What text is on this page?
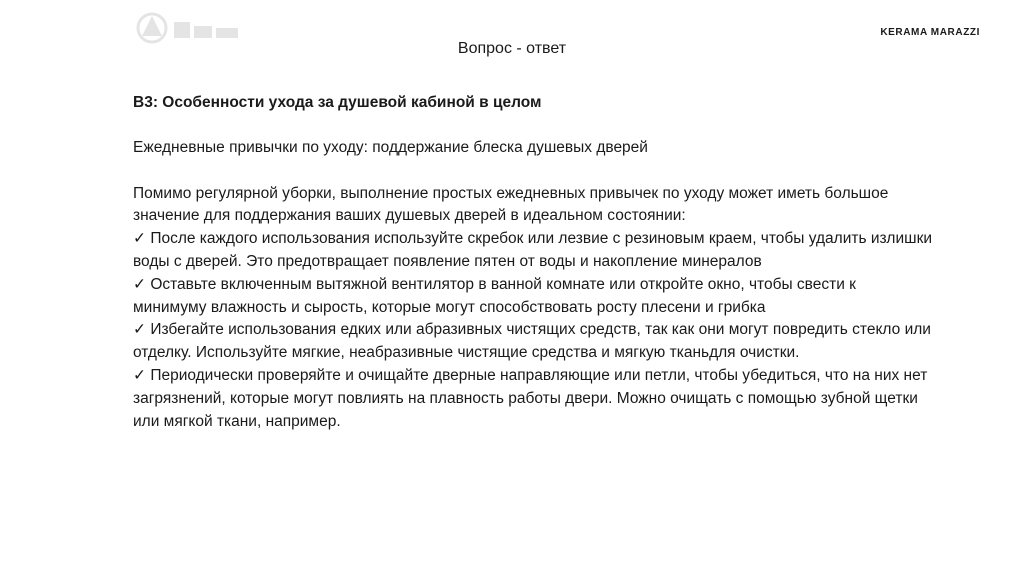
KERAMA MARAZZI
Вопрос - ответ

В3: Особенности ухода за душевой кабиной в целом

Ежедневные привычки по уходу: поддержание блеска душевых дверей

Помимо регулярной уборки, выполнение простых ежедневных привычек по уходу может иметь большое значение для поддержания ваших душевых дверей в идеальном состоянии:

✓ После каждого использования используйте скребок или лезвие с резиновым краем, чтобы удалить излишки воды с дверей. Это предотвращает появление пятен от воды и накопление минералов
✓ Оставьте включенным вытяжной вентилятор в ванной комнате или откройте окно, чтобы свести к минимуму влажность и сырость, которые могут способствовать росту плесени и грибка
✓ Избегайте использования едких или абразивных чистящих средств, так как они могут повредить стекло или отделку. Используйте мягкие, неабразивные чистящие средства и мягкую тканьдля очистки.
✓ Периодически проверяйте и очищайте дверные направляющие или петли, чтобы убедиться, что на них нет загрязнений, которые могут повлиять на плавность работы двери. Можно очищать с помощью зубной щетки или мягкой ткани, например.
